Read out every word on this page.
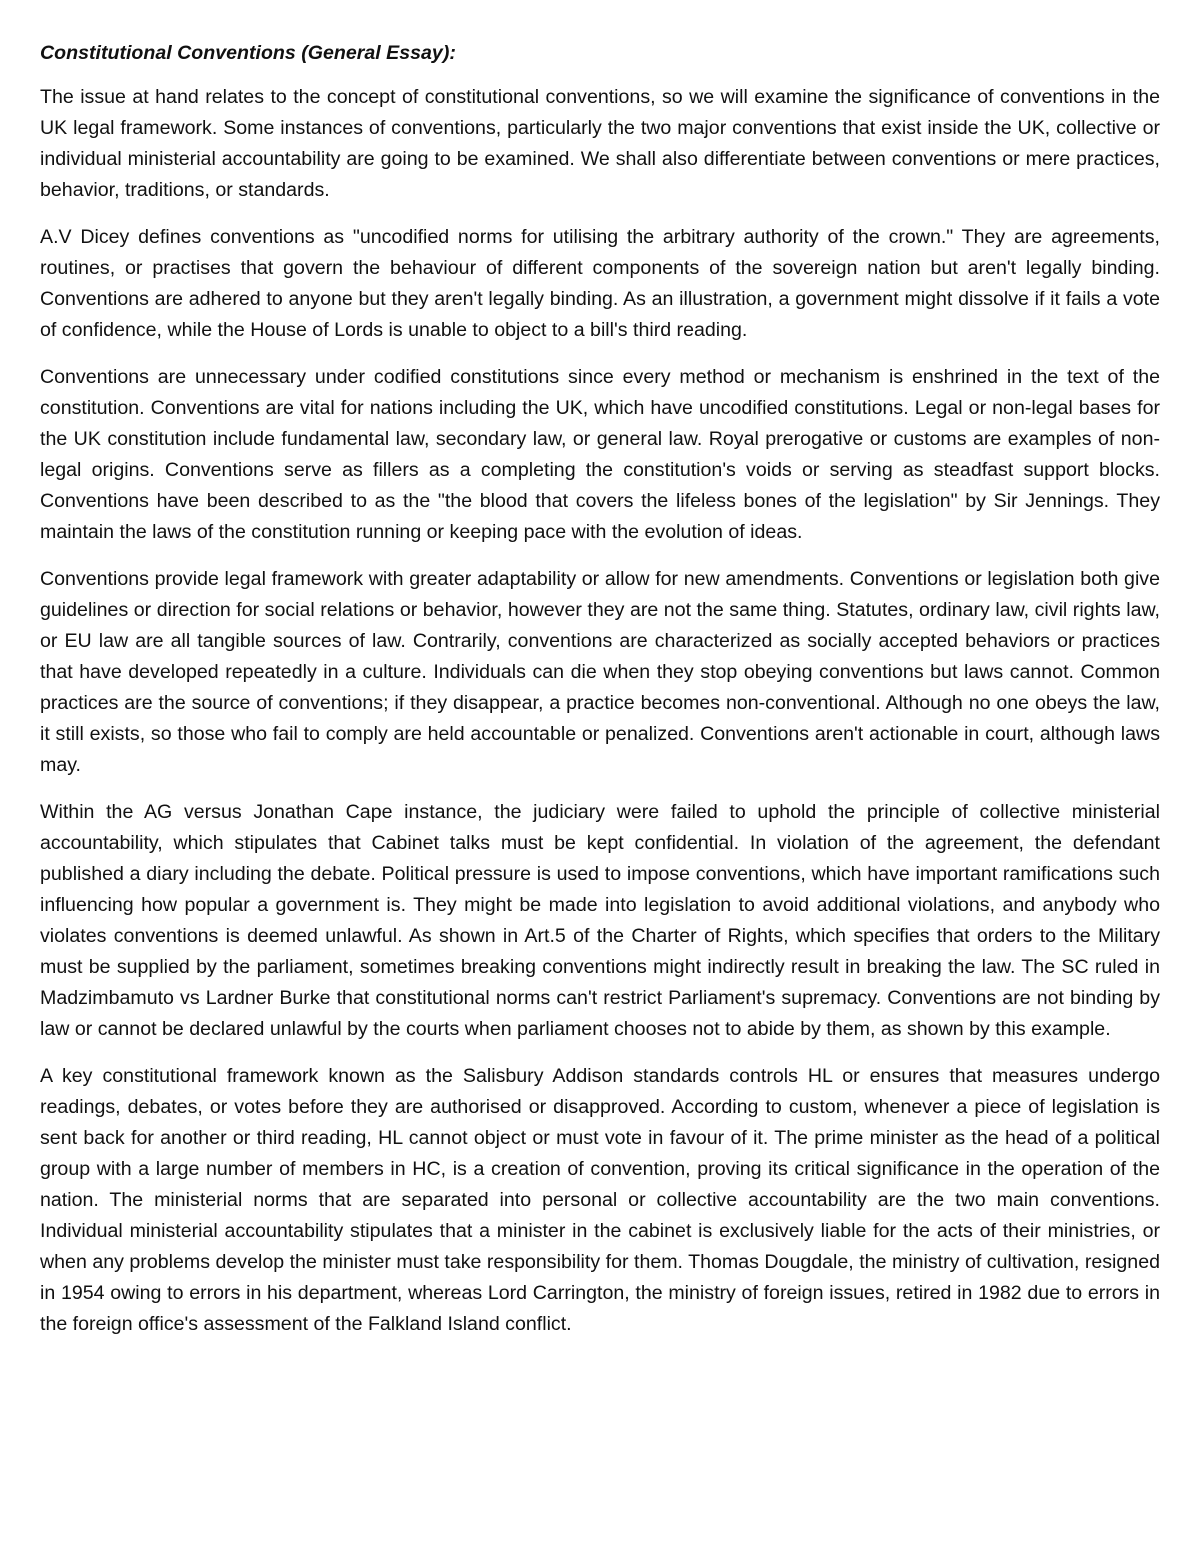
Constitutional Conventions (General Essay):

The issue at hand relates to the concept of constitutional conventions, so we will examine the significance of conventions in the UK legal framework. Some instances of conventions, particularly the two major conventions that exist inside the UK, collective or individual ministerial accountability are going to be examined. We shall also differentiate between conventions or mere practices, behavior, traditions, or standards.

A.V Dicey defines conventions as "uncodified norms for utilising the arbitrary authority of the crown." They are agreements, routines, or practises that govern the behaviour of different components of the sovereign nation but aren't legally binding. Conventions are adhered to anyone but they aren't legally binding. As an illustration, a government might dissolve if it fails a vote of confidence, while the House of Lords is unable to object to a bill's third reading.

Conventions are unnecessary under codified constitutions since every method or mechanism is enshrined in the text of the constitution. Conventions are vital for nations including the UK, which have uncodified constitutions. Legal or non-legal bases for the UK constitution include fundamental law, secondary law, or general law. Royal prerogative or customs are examples of non-legal origins. Conventions serve as fillers as a completing the constitution's voids or serving as steadfast support blocks. Conventions have been described to as the "the blood that covers the lifeless bones of the legislation" by Sir Jennings. They maintain the laws of the constitution running or keeping pace with the evolution of ideas.

Conventions provide legal framework with greater adaptability or allow for new amendments. Conventions or legislation both give guidelines or direction for social relations or behavior, however they are not the same thing. Statutes, ordinary law, civil rights law, or EU law are all tangible sources of law. Contrarily, conventions are characterized as socially accepted behaviors or practices that have developed repeatedly in a culture. Individuals can die when they stop obeying conventions but laws cannot. Common practices are the source of conventions; if they disappear, a practice becomes non-conventional. Although no one obeys the law, it still exists, so those who fail to comply are held accountable or penalized. Conventions aren't actionable in court, although laws may.

Within the AG versus Jonathan Cape instance, the judiciary were failed to uphold the principle of collective ministerial accountability, which stipulates that Cabinet talks must be kept confidential. In violation of the agreement, the defendant published a diary including the debate. Political pressure is used to impose conventions, which have important ramifications such influencing how popular a government is. They might be made into legislation to avoid additional violations, and anybody who violates conventions is deemed unlawful. As shown in Art.5 of the Charter of Rights, which specifies that orders to the Military must be supplied by the parliament, sometimes breaking conventions might indirectly result in breaking the law. The SC ruled in Madzimbamuto vs Lardner Burke that constitutional norms can't restrict Parliament's supremacy. Conventions are not binding by law or cannot be declared unlawful by the courts when parliament chooses not to abide by them, as shown by this example.

A key constitutional framework known as the Salisbury Addison standards controls HL or ensures that measures undergo readings, debates, or votes before they are authorised or disapproved. According to custom, whenever a piece of legislation is sent back for another or third reading, HL cannot object or must vote in favour of it. The prime minister as the head of a political group with a large number of members in HC, is a creation of convention, proving its critical significance in the operation of the nation. The ministerial norms that are separated into personal or collective accountability are the two main conventions. Individual ministerial accountability stipulates that a minister in the cabinet is exclusively liable for the acts of their ministries, or when any problems develop the minister must take responsibility for them. Thomas Dougdale, the ministry of cultivation, resigned in 1954 owing to errors in his department, whereas Lord Carrington, the ministry of foreign issues, retired in 1982 due to errors in the foreign office's assessment of the Falkland Island conflict.
